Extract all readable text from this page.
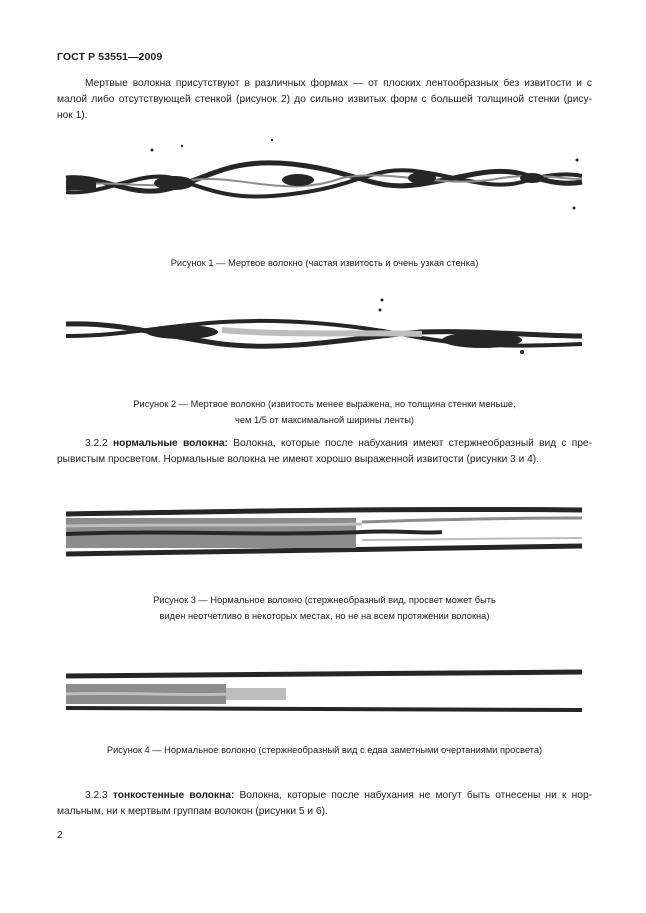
ГОСТ Р 53551—2009
Мертвые волокна присутствуют в различных формах — от плоских лентообразных без извитости и с
малой либо отсутствующей стенкой (рисунок 2) до сильно извитых форм с большей толщиной стенки (рису-
нок 1).
Рисунок 1 — Мертвое волокно (частая извитость и очень узкая стенка)
Рисунок 2 — Мертвое волокно (извитость менее выражена, но толщина стенки меньше,
чем 1/5 от максимальной ширины ленты)
3.2.2 нормальные волокна: Волокна, которые после набухания имеют стержнеобразный вид с пре-
рывистым просветом. Нормальные волокна не имеют хорошо выраженной извитости (рисунки 3 и 4).
Рисунок 3 — Нормальное волокно (стержнеобразный вид, просвет может быть
виден неотчетливо в некоторых местах, но не на всем протяжении волокна)
Рисунок 4 — Нормальное волокно (стержнеобразный вид с едва заметными очертаниями просвета)
3.2.3 тонкостенные волокна: Волокна, которые после набухания не могут быть отнесены ни к нор-
мальным, ни к мертвым группам волокон (рисунки 5 и 6).
2
